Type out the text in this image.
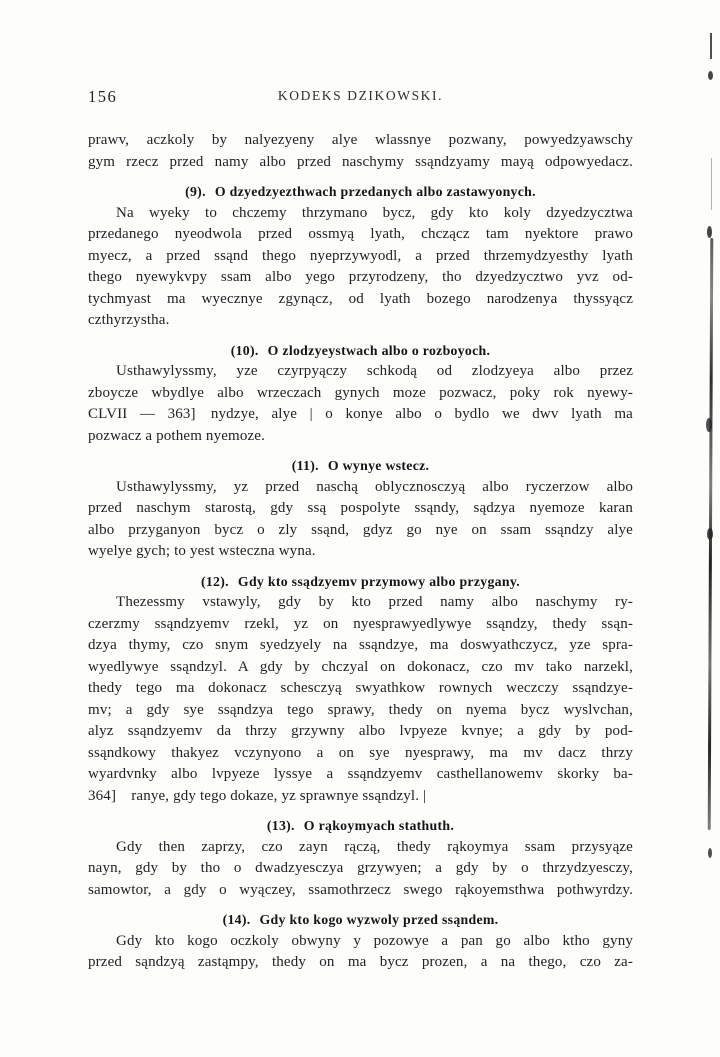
156	KODEKS DZIKOWSKI.
prawv, aczkoly by nalyezyeny alye wlassnye pozwany, powyedzyawschy
gym rzecz przed namy albo przed naschymy ssąndzyamy mayą odpowyedacz.
(9). O dzyedzyezthwach przedanych albo zastawyonych.
Na wyeky to chczemy thrzymano bycz, gdy kto koly dzyedzycztwa
przedanego nyeodwola przed ossmyą lyath, chczącz tam nyektore prawo
myecz, a przed ssąnd thego nyeprzywyodl, a przed thrzemydzyesthy lyath
thego nyewykvpy ssam albo yego przyrodzeny, tho dzyedzycztwo yvz od-
tychmyast ma wyecznye zgynącz, od lyath bozego narodzenya thyssyącz
czthyrzystha.
(10). O zlodzyeystwach albo o rozboyoch.
Usthawylyssmy, yze czyrpyączy schkodą od zlodzyeya albo przez
zboycze wbydlye albo wrzeczach gynych moze pozwacz, poky rok nyewy-
CLVII — 363] nydzye, alye | o konye albo o bydlo we dwv lyath ma
pozwacz a pothem nyemoze.
(11). O wynye wstecz.
Usthawylyssmy, yz przed naschą oblycznosczyą albo ryczerzow albo
przed naschym starostą, gdy ssą pospolyte ssąndy, sądzya nyemoze karan
albo przyganyon bycz o zly ssąnd, gdyz go nye on ssam ssąndzy alye
wyelye gych; to yest wsteczna wyna.
(12). Gdy kto ssądzyemv przymowy albo przygany.
Thezessmy vstawyly, gdy by kto przed namy albo naschymy ry-
czerzmy ssąndzyemv rzekl, yz on nyesprawyedlywye ssąndzy, thedy ssąn-
dzya thymy, czo snym syedzyely na ssąndzye, ma doswyathczycz, yze spra-
wyedlywye ssąndzyl. A gdy by chczyal on dokonacz, czo mv tako narzekl,
thedy tego ma dokonacz schesczyą swyathkow rownych weczczy ssąndzye-
mv; a gdy sye ssąndzya tego sprawy, thedy on nyema bycz wyslvchan,
alyz ssąndzyemv da thrzy grzywny albo lvpyeze kvnye; a gdy by pod-
ssąndkowy thakyez vczynyono a on sye nyesprawy, ma mv dacz thrzy
wyardvnky albo lvpyeze lyssye a ssąndzyemv casthellanowemv skorky ba-
364] ranye, gdy tego dokaze, yz sprawnye ssąndzyl. |
(13). O rąkoymyach stathuth.
Gdy then zaprzy, czo zayn rączą, thedy rąkoymya ssam przysyąze
nayn, gdy by tho o dwadzyesczya grzywyen; a gdy by o thrzydzyesczy,
samowtor, a gdy o wyączey, ssamothrzecz swego rąkoyemsthwa pothwyrdzy.
(14). Gdy kto kogo wyzwoly przed ssąndem.
Gdy kto kogo oczkoly obwyny y pozowye a pan go albo ktho gyny
przed sąndzyą zastąmpy, thedy on ma bycz prozen, a na thego, czo za-
